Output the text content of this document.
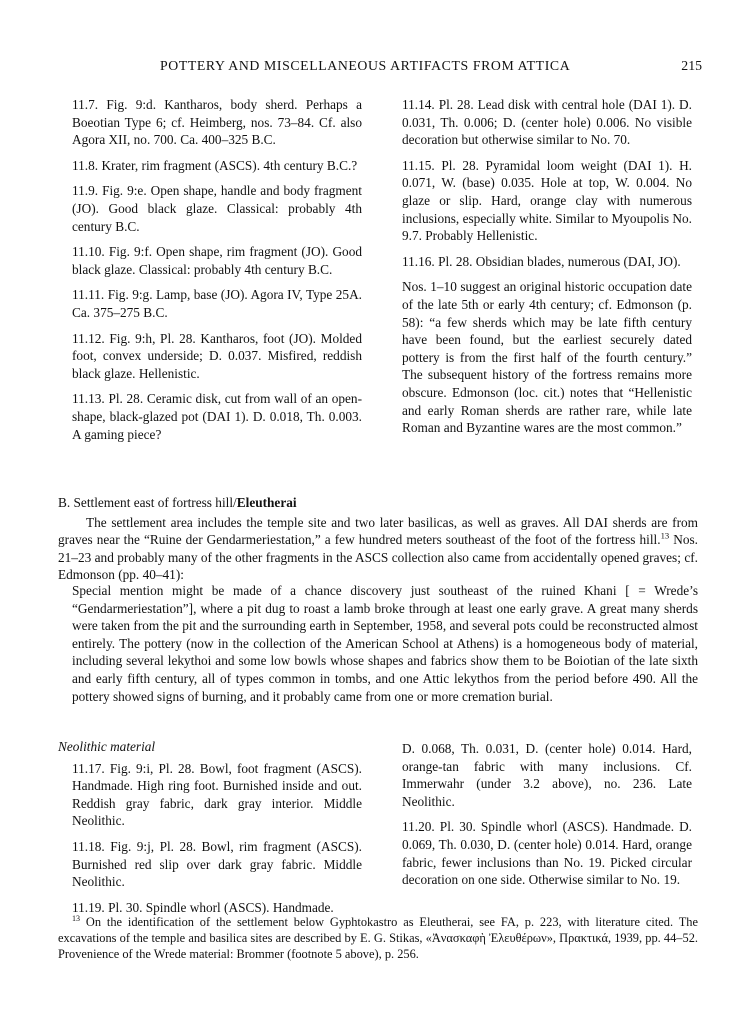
POTTERY AND MISCELLANEOUS ARTIFACTS FROM ATTICA	215

11.7. Fig. 9:d. Kantharos, body sherd. Perhaps a Boeotian Type 6; cf. Heimberg, nos. 73–84. Cf. also Agora XII, no. 700. Ca. 400–325 B.C.

11.8. Krater, rim fragment (ASCS). 4th century B.C.?

11.9. Fig. 9:e. Open shape, handle and body fragment (JO). Good black glaze. Classical: probably 4th century B.C.

11.10. Fig. 9:f. Open shape, rim fragment (JO). Good black glaze. Classical: probably 4th century B.C.

11.11. Fig. 9:g. Lamp, base (JO). Agora IV, Type 25A. Ca. 375–275 B.C.

11.12. Fig. 9:h, Pl. 28. Kantharos, foot (JO). Molded foot, convex underside; D. 0.037. Misfired, reddish black glaze. Hellenistic.

11.13. Pl. 28. Ceramic disk, cut from wall of an open-shape, black-glazed pot (DAI 1). D. 0.018, Th. 0.003. A gaming piece?

11.14. Pl. 28. Lead disk with central hole (DAI 1). D. 0.031, Th. 0.006; D. (center hole) 0.006. No visible decoration but otherwise similar to No. 70.

11.15. Pl. 28. Pyramidal loom weight (DAI 1). H. 0.071, W. (base) 0.035. Hole at top, W. 0.004. No glaze or slip. Hard, orange clay with numerous inclusions, especially white. Similar to Myoupolis No. 9.7. Probably Hellenistic.

11.16. Pl. 28. Obsidian blades, numerous (DAI, JO).

Nos. 1–10 suggest an original historic occupation date of the late 5th or early 4th century; cf. Edmonson (p. 58): “a few sherds which may be late fifth century have been found, but the earliest securely dated pottery is from the first half of the fourth century.” The subsequent history of the fortress remains more obscure. Edmonson (loc. cit.) notes that “Hellenistic and early Roman sherds are rather rare, while late Roman and Byzantine wares are the most common.”

B. Settlement east of fortress hill/Eleutherai

The settlement area includes the temple site and two later basilicas, as well as graves. All DAI sherds are from graves near the “Ruine der Gendarmeriestation,” a few hundred meters southeast of the foot of the fortress hill.$^{13}$ Nos. 21–23 and probably many of the other fragments in the ASCS collection also came from accidentally opened graves; cf. Edmonson (pp. 40–41):

Special mention might be made of a chance discovery just southeast of the ruined Khani [ = Wrede’s “Gendarmeriestation”], where a pit dug to roast a lamb broke through at least one early grave. A great many sherds were taken from the pit and the surrounding earth in September, 1958, and several pots could be reconstructed almost entirely. The pottery (now in the collection of the American School at Athens) is a homogeneous body of material, including several lekythoi and some low bowls whose shapes and fabrics show them to be Boiotian of the late sixth and early fifth century, all of types common in tombs, and one Attic lekythos from the period before 490. All the pottery showed signs of burning, and it probably came from one or more cremation burial.

Neolithic material

11.17. Fig. 9:i, Pl. 28. Bowl, foot fragment (ASCS). Handmade. High ring foot. Burnished inside and out. Reddish gray fabric, dark gray interior. Middle Neolithic.

11.18. Fig. 9:j, Pl. 28. Bowl, rim fragment (ASCS). Burnished red slip over dark gray fabric. Middle Neolithic.

11.19. Pl. 30. Spindle whorl (ASCS). Handmade.

D. 0.068, Th. 0.031, D. (center hole) 0.014. Hard, orange-tan fabric with many inclusions. Cf. Immerwahr (under 3.2 above), no. 236. Late Neolithic.

11.20. Pl. 30. Spindle whorl (ASCS). Handmade. D. 0.069, Th. 0.030, D. (center hole) 0.014. Hard, orange fabric, fewer inclusions than No. 19. Picked circular decoration on one side. Otherwise similar to No. 19.

$^{13}$ On the identification of the settlement below Gyphtokastro as Eleutherai, see FA, p. 223, with literature cited. The excavations of the temple and basilica sites are described by E. G. Stikas, «Ἀνασκαφὴ Ἐλευθέρων», Πρακτικά, 1939, pp. 44–52. Provenience of the Wrede material: Brommer (footnote 5 above), p. 256.
